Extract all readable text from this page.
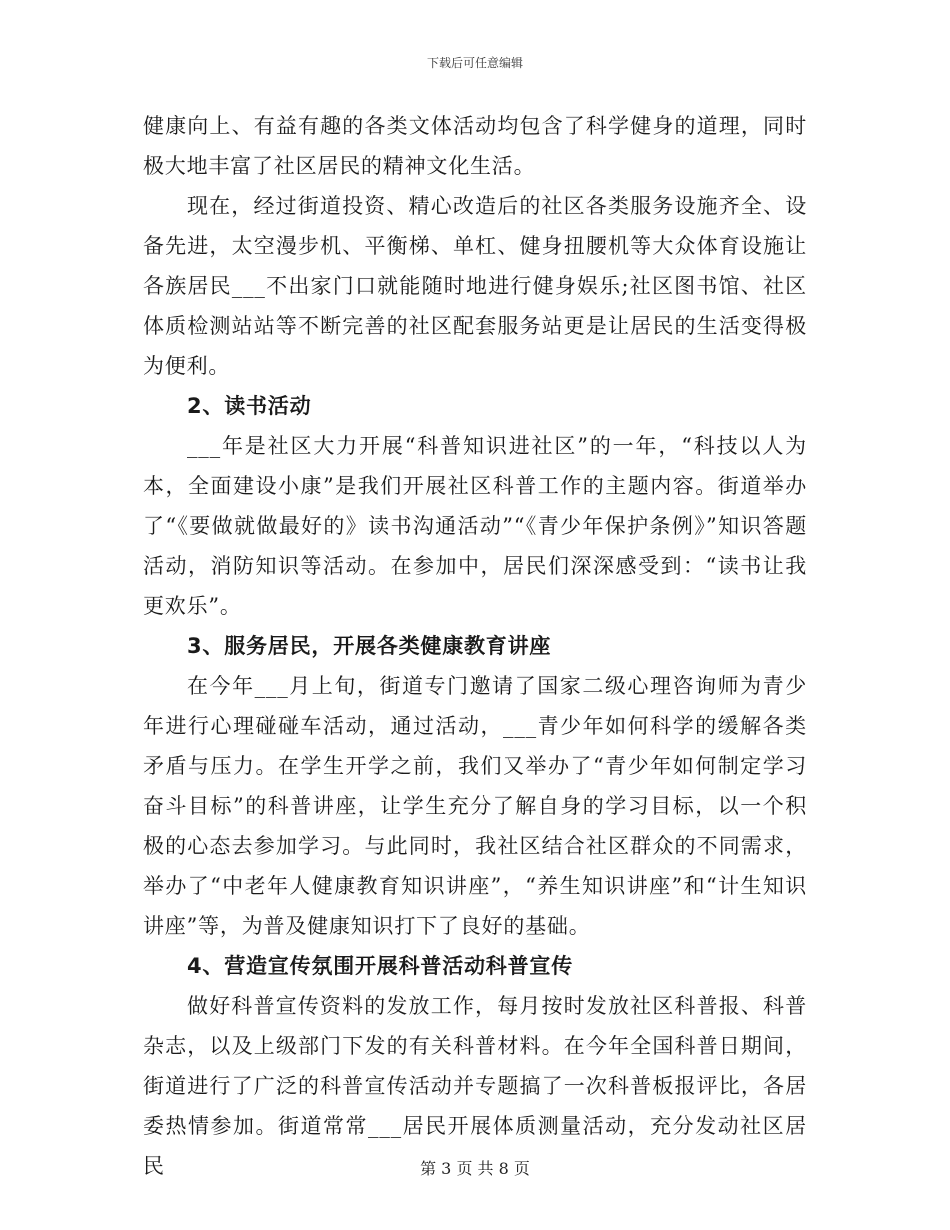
下载后可任意编辑

健康向上、有益有趣的各类文体活动均包含了科学健身的道理，同时极大地丰富了社区居民的精神文化生活。

现在，经过街道投资、精心改造后的社区各类服务设施齐全、设备先进，太空漫步机、平衡梯、单杠、健身扭腰机等大众体育设施让各族居民___不出家门口就能随时地进行健身娱乐;社区图书馆、社区体质检测站站等不断完善的社区配套服务站更是让居民的生活变得极为便利。

2、读书活动

___年是社区大力开展“科普知识进社区”的一年，“科技以人为本，全面建设小康”是我们开展社区科普工作的主题内容。街道举办了“《要做就做最好的》读书沟通活动”“《青少年保护条例》”知识答题活动，消防知识等活动。在参加中，居民们深深感受到：“读书让我更欢乐”。

3、服务居民，开展各类健康教育讲座

在今年___月上旬，街道专门邀请了国家二级心理咨询师为青少年进行心理碰碰车活动，通过活动，___青少年如何科学的缓解各类矛盾与压力。在学生开学之前，我们又举办了“青少年如何制定学习奋斗目标”的科普讲座，让学生充分了解自身的学习目标，以一个积极的心态去参加学习。与此同时，我社区结合社区群众的不同需求，举办了“中老年人健康教育知识讲座”，“养生知识讲座”和“计生知识讲座”等，为普及健康知识打下了良好的基础。

4、营造宣传氛围开展科普活动科普宣传

做好科普宣传资料的发放工作，每月按时发放社区科普报、科普杂志，以及上级部门下发的有关科普材料。在今年全国科普日期间，街道进行了广泛的科普宣传活动并专题搞了一次科普板报评比，各居委热情参加。街道常常___居民开展体质测量活动，充分发动社区居民	第 3 页 共 8 页
